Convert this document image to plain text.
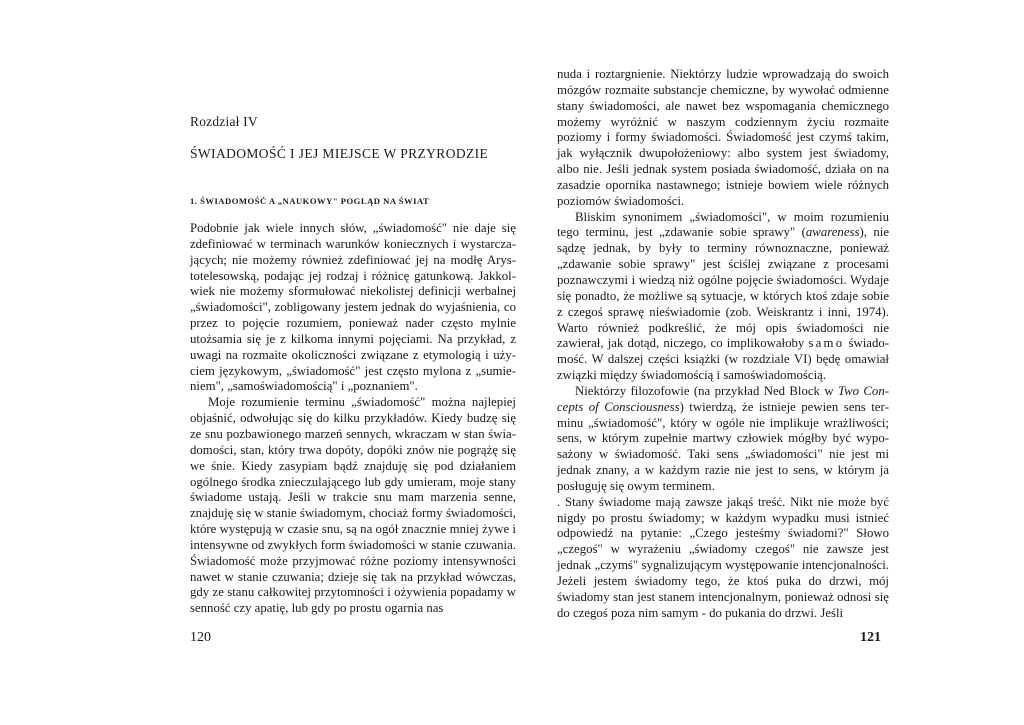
Rozdział IV
ŚWIADOMOŚĆ I JEJ MIEJSCE W PRZYRODZIE
1. ŚWIADOMOŚĆ A „NAUKOWY" POGLĄD NA ŚWIAT

Podobnie jak wiele innych słów, „świadomość" nie daje się zdefiniować w terminach warunków koniecznych i wystarczających; nie możemy również zdefiniować jej na modłę Arystotelesowską, podając jej rodzaj i różnicę gatunkową. Jakkolwiek nie możemy sformułować niekolistej definicji werbalnej „świadomości", zobligowany jestem jednak do wyjaśnienia, co przez to pojęcie rozumiem, ponieważ nader często mylnie utożsamia się je z kilkoma innymi pojęciami. Na przykład, z uwagi na rozmaite okoliczności związane z etymologią i użyciem językowym, „świadomość" jest często mylona z „sumieniem", „samoświadomością" i „poznaniem".

Moje rozumienie terminu „świadomość" można najlepiej objaśnić, odwołując się do kilku przykładów. Kiedy budzę się ze snu pozbawionego marzeń sennych, wkraczam w stan świadomości, stan, który trwa dopóty, dopóki znów nie pogrążę się we śnie. Kiedy zasypiam bądź znajduję się pod działaniem ogólnego środka znieczulającego lub gdy umieram, moje stany świadome ustają. Jeśli w trakcie snu mam marzenia senne, znajduję się w stanie świadomym, chociaż formy świadomości, które występują w czasie snu, są na ogół znacznie mniej żywe i intensywne od zwykłych form świadomości w stanie czuwania. Świadomość może przyjmować różne poziomy intensywności nawet w stanie czuwania; dzieje się tak na przykład wówczas, gdy ze stanu całkowitej przytomności i ożywienia popadamy w senność czy apatię, lub gdy po prostu ogarnia nas

120

nuda i roztargnienie. Niektórzy ludzie wprowadzają do swoich mózgów rozmaite substancje chemiczne, by wywołać odmienne stany świadomości, ale nawet bez wspomagania chemicznego możemy wyróżnić w naszym codziennym życiu rozmaite poziomy i formy świadomości. Świadomość jest czymś takim, jak wyłącznik dwupołożeniowy: albo system jest świadomy, albo nie. Jeśli jednak system posiada świadomość, działa on na zasadzie opornika nastawnego; istnieje bowiem wiele różnych poziomów świadomości.

Bliskim synonimem „świadomości", w moim rozumieniu tego terminu, jest „zdawanie sobie sprawy" (awareness), nie sądzę jednak, by były to terminy równoznaczne, ponieważ „zdawanie sobie sprawy" jest ściślej związane z procesami poznawczymi i wiedzą niż ogólne pojęcie świadomości. Wydaje się ponadto, że możliwe są sytuacje, w których ktoś zdaje sobie z czegoś sprawę nieświadomie (zob. Weiskrantz i inni, 1974). Warto również podkreślić, że mój opis świadomości nie zawierał, jak dotąd, niczego, co implikowałoby samo świadomość. W dalszej części książki (w rozdziale VI) będę omawiał związki między świadomością i samoświadomością.

Niektórzy filozofowie (na przykład Ned Block w Two Concepts of Consciousness) twierdzą, że istnieje pewien sens terminu „świadomość", który w ogóle nie implikuje wrażliwości; sens, w którym zupełnie martwy człowiek mógłby być wyposażony w świadomość. Taki sens „świadomości" nie jest mi jednak znany, a w każdym razie nie jest to sens, w którym ja posługuję się owym terminem.

. Stany świadome mają zawsze jakąś treść. Nikt nie może być nigdy po prostu świadomy; w każdym wypadku musi istnieć odpowiedź na pytanie: „Czego jesteśmy świadomi?" Słowo „czegoś" w wyrażeniu „świadomy czegoś" nie zawsze jest jednak „czymś" sygnalizującym występowanie intencjonalności. Jeżeli jestem świadomy tego, że ktoś puka do drzwi, mój świadomy stan jest stanem intencjonalnym, ponieważ odnosi się do czegoś poza nim samym - do pukania do drzwi. Jeśli

121
